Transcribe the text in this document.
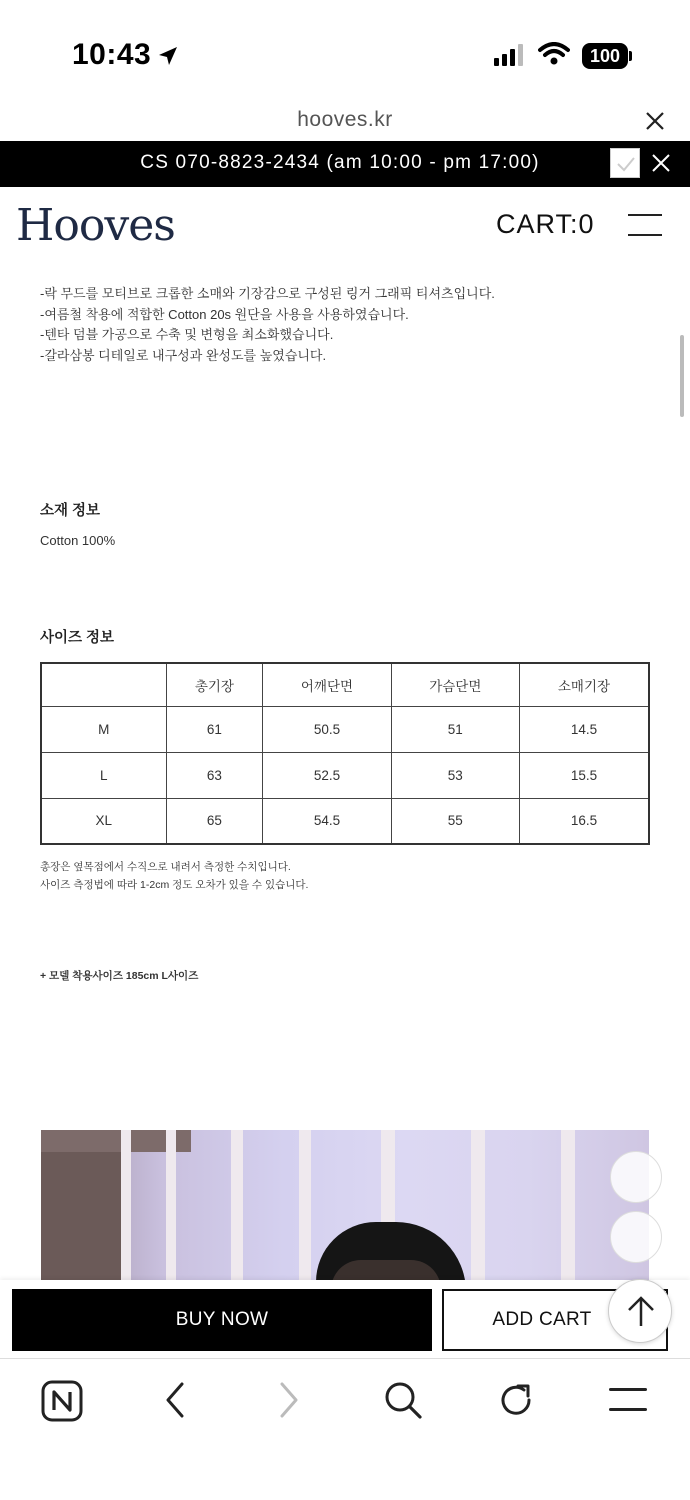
10:43	100
hooves.kr
CS 070-8823-2434 (am 10:00 - pm 17:00)
Hooves	CART:0
-락 무드를 모티브로 크롭한 소매와 기장감으로 구성된 링거 그래픽 티셔츠입니다.
-여름철 착용에 적합한 Cotton 20s 원단을 사용을 사용하였습니다.
-텐타 덤블 가공으로 수축 및 변형을 최소화했습니다.
-갈라삼봉 디테일로 내구성과 완성도를 높였습니다.
소재 정보
Cotton 100%
사이즈 정보
	총기장	어깨단면	가슴단면	소매기장
M	61	50.5	51	14.5
L	63	52.5	53	15.5
XL	65	54.5	55	16.5
총장은 옆목점에서 수직으로 내려서 측정한 수치입니다.
사이즈 측정법에 따라 1-2cm 정도 오차가 있을 수 있습니다.
+ 모델 착용사이즈 185cm L사이즈
BUY NOW	ADD CART
